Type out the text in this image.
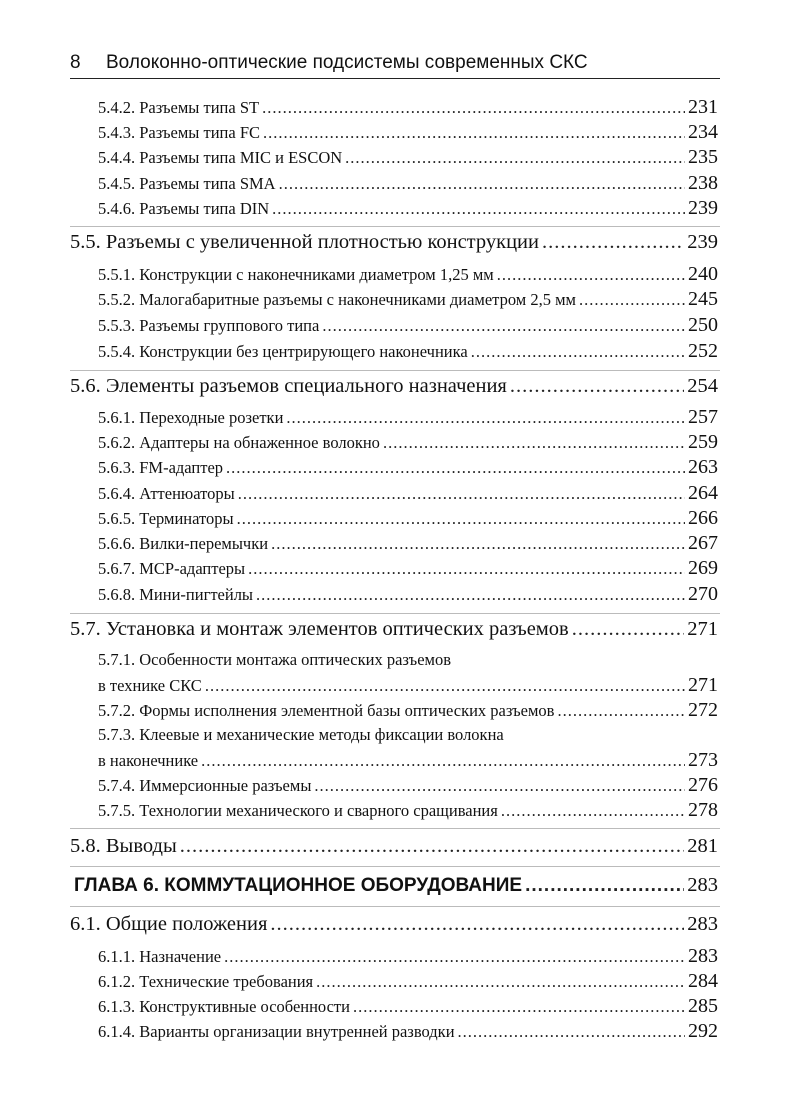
8 Волоконно-оптические подсистемы современных СКС
5.4.2. Разъемы типа ST .....	231
5.4.3. Разъемы типа FC .....	234
5.4.4. Разъемы типа MIC и ESCON .....	235
5.4.5. Разъемы типа SMA .....	238
5.4.6. Разъемы типа DIN .....	239
5.5. Разъемы с увеличенной плотностью конструкции .....	239
5.5.1. Конструкции с наконечниками диаметром 1,25 мм .....	240
5.5.2. Малогабаритные разъемы с наконечниками диаметром 2,5 мм .....	245
5.5.3. Разъемы группового типа .....	250
5.5.4. Конструкции без центрирующего наконечника .....	252
5.6. Элементы разъемов специального назначения .....	254
5.6.1. Переходные розетки .....	257
5.6.2. Адаптеры на обнаженное волокно .....	259
5.6.3. FM-адаптер .....	263
5.6.4. Аттенюаторы .....	264
5.6.5. Терминаторы .....	266
5.6.6. Вилки-перемычки .....	267
5.6.7. MCP-адаптеры .....	269
5.6.8. Мини-пигтейлы .....	270
5.7. Установка и монтаж элементов оптических разъемов .....	271
5.7.1. Особенности монтажа оптических разъемов
в технике СКС .....	271
5.7.2. Формы исполнения элементной базы оптических разъемов .....	272
5.7.3. Клеевые и механические методы фиксации волокна
в наконечнике .....	273
5.7.4. Иммерсионные разъемы .....	276
5.7.5. Технологии механического и сварного сращивания .....	278
5.8. Выводы .....	281
ГЛАВА 6. КОММУТАЦИОННОЕ ОБОРУДОВАНИЕ .....	283
6.1. Общие положения .....	283
6.1.1. Назначение .....	283
6.1.2. Технические требования .....	284
6.1.3. Конструктивные особенности .....	285
6.1.4. Варианты организации внутренней разводки .....	292
